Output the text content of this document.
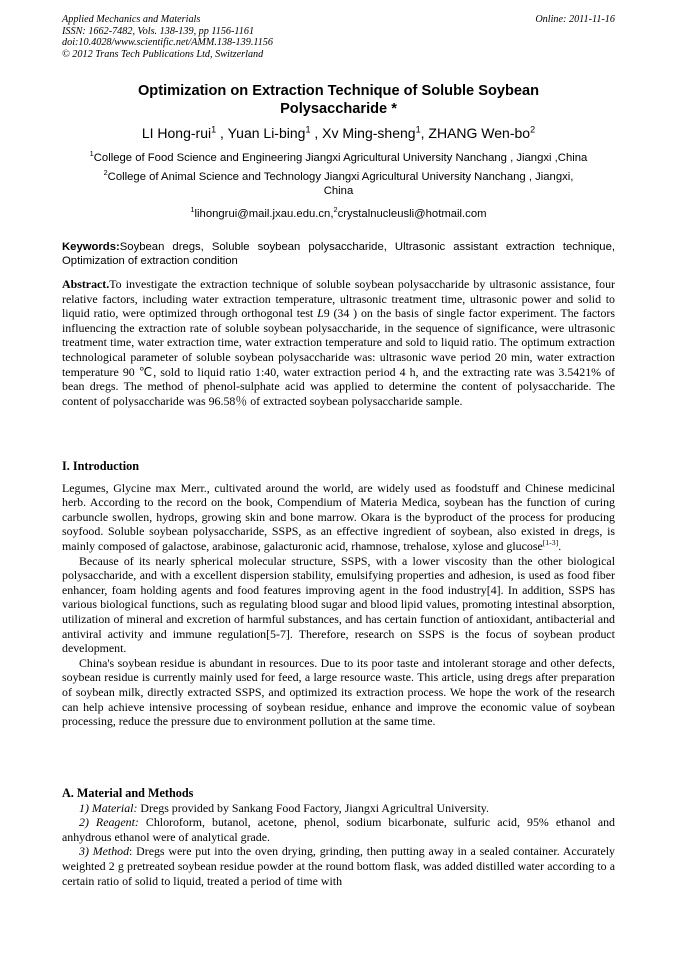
Applied Mechanics and Materials	Online: 2011-11-16
ISSN: 1662-7482, Vols. 138-139, pp 1156-1161
doi:10.4028/www.scientific.net/AMM.138-139.1156
© 2012 Trans Tech Publications Ltd, Switzerland
Optimization on Extraction Technique of Soluble Soybean
Polysaccharide *
LI Hong-rui$^1$ , Yuan Li-bing$^1$ , Xv Ming-sheng$^1$, ZHANG Wen-$bo^2$
$^1$College of Food Science and Engineering Jiangxi Agricultural University Nanchang , Jiangxi ,China
$^2$College of Animal Science and Technology Jiangxi Agricultural University Nanchang , Jiangxi,
China
$^1$lihongrui@mail.jxau.edu.cn,$^2$crystalnucleusli@hotmail.com
Keywords:Soybean dregs, Soluble soybean polysaccharide, Ultrasonic assistant extraction technique, Optimization of extraction condition

Abstract.To investigate the extraction technique of soluble soybean polysaccharide by ultrasonic assistance, four relative factors, including water extraction temperature, ultrasonic treatment time, ultrasonic power and solid to liquid ratio, were optimized through orthogonal test L9 (34 ) on the basis of single factor experiment. The factors influencing the extraction rate of soluble soybean polysaccharide, in the sequence of significance, were ultrasonic treatment time, water extraction time, water extraction temperature and sold to liquid ratio. The optimum extraction technological parameter of soluble soybean polysaccharide was: ultrasonic wave period 20 min, water extraction temperature 90 ℃, sold to liquid ratio 1:40, water extraction period 4 h, and the extracting rate was 3.5421% of bean dregs. The method of phenol-sulphate acid was applied to determine the content of polysaccharide. The content of polysaccharide was 96.58％ of extracted soybean polysaccharide sample.

I. Introduction

Legumes, Glycine max Merr., cultivated around the world, are widely used as foodstuff and Chinese medicinal herb. According to the record on the book, Compendium of Materia Medica, soybean has the function of curing carbuncle swollen, hydrops, growing skin and bone marrow. Okara is the byproduct of the process for producing soyfood. Soluble soybean polysaccharide, SSPS, as an effective ingredient of soybean, also existed in dregs, is mainly composed of galactose, arabinose, galacturonic acid, rhamnose, trehalose, xylose and glucose[1-3].

Because of its nearly spherical molecular structure, SSPS, with a lower viscosity than the other biological polysaccharide, and with a excellent dispersion stability, emulsifying properties and adhesion, is used as food fiber enhancer, foam holding agents and food features improving agent in the food industry[4]. In addition, SSPS has various biological functions, such as regulating blood sugar and blood lipid values, promoting intestinal absorption, utilization of mineral and excretion of harmful substances, and has certain function of antioxidant, antibacterial and antiviral activity and immune regulation[5-7]. Therefore, research on SSPS is the focus of soybean product development.

China's soybean residue is abundant in resources. Due to its poor taste and intolerant storage and other defects, soybean residue is currently mainly used for feed, a large resource waste. This article, using dregs after preparation of soybean milk, directly extracted SSPS, and optimized its extraction process. We hope the work of the research can help achieve intensive processing of soybean residue, enhance and improve the economic value of soybean processing, reduce the pressure due to environment pollution at the same time.

A. Material and Methods

1) Material: Dregs provided by Sankang Food Factory, Jiangxi Agricultral University.

2) Reagent: Chloroform, butanol, acetone, phenol, sodium bicarbonate, sulfuric acid, 95% ethanol and anhydrous ethanol were of analytical grade.

3) Method: Dregs were put into the oven drying, grinding, then putting away in a sealed container. Accurately weighted 2 g pretreated soybean residue powder at the round bottom flask, was added distilled water according to a certain ratio of solid to liquid, treated a period of time with
